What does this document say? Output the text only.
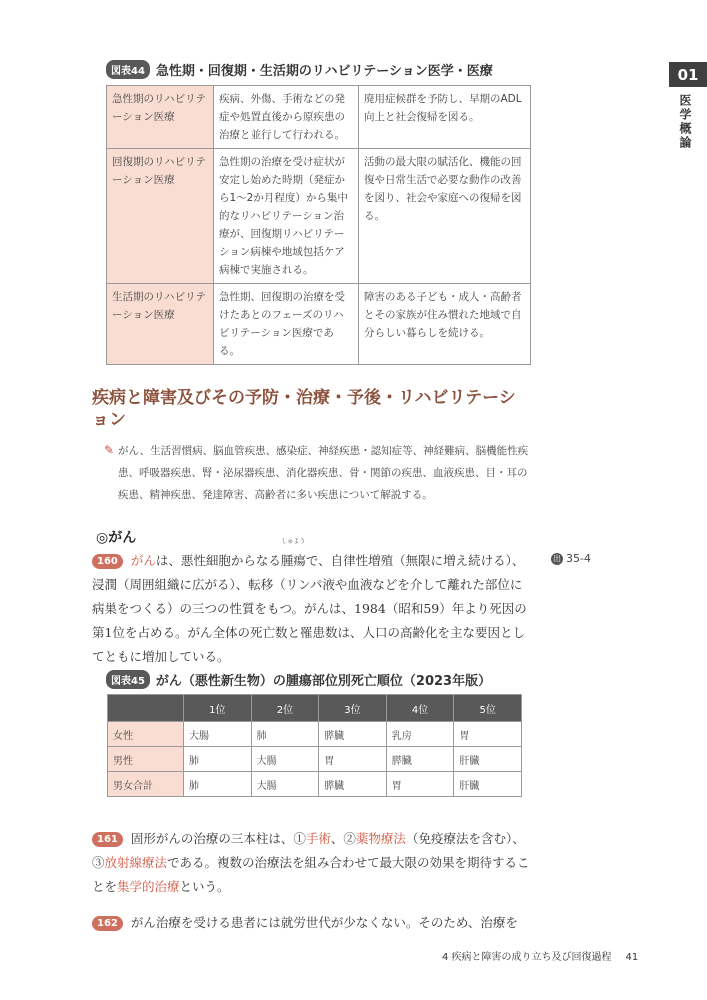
01
医学概論
図表44 急性期・回復期・生活期のリハビリテーション医学・医療
急性期のリハビリテーション医療	疾病、外傷、手術などの発症や処置直後から原疾患の治療と並行して行われる。	廃用症候群を予防し、早期のADL向上と社会復帰を図る。
回復期のリハビリテーション医療	急性期の治療を受け症状が安定し始めた時期（発症から1〜2か月程度）から集中的なリハビリテーション治療が、回復期リハビリテーション病棟や地域包括ケア病棟で実施される。	活動の最大限の賦活化、機能の回復や日常生活で必要な動作の改善を図り、社会や家庭への復帰を図る。
生活期のリハビリテーション医療	急性期、回復期の治療を受けたあとのフェーズのリハビリテーション医療である。	障害のある子ども・成人・高齢者とその家族が住み慣れた地域で自分らしい暮らしを続ける。
疾病と障害及びその予防・治療・予後・リハビリテーション
✎ がん、生活習慣病、脳血管疾患、感染症、神経疾患・認知症等、神経難病、脳機能性疾患、呼吸器疾患、腎・泌尿器疾患、消化器疾患、骨・関節の疾患、血液疾患、目・耳の疾患、精神疾患、発達障害、高齢者に多い疾患について解説する。
◎がん
160 がんは、悪性細胞からなる
しゅよう
腫瘍で、自律性増殖（無限に増え続ける）、浸潤（周囲組織に広がる）、転移（リンパ液や血液などを介して離れた部位に病巣をつくる）の三つの性質をもつ。がんは、1984（昭和59）年より死因の第1位を占める。がん全体の死亡数と罹患数は、人口の高齢化を主な要因としてともに増加している。
出 35-4
図表45 がん（悪性新生物）の腫瘍部位別死亡順位（2023年版）
	1位	2位	3位	4位	5位
女性	大腸	肺	膵臓	乳房	胃
男性	肺	大腸	胃	膵臓	肝臓
男女合計	肺	大腸	膵臓	胃	肝臓
161 固形がんの治療の三本柱は、①手術、②薬物療法（免疫療法を含む）、③放射線療法である。複数の治療法を組み合わせて最大限の効果を期待することを集学的治療という。
162 がん治療を受ける患者には就労世代が少なくない。そのため、治療を
4 疾病と障害の成り立ち及び回復過程 41
